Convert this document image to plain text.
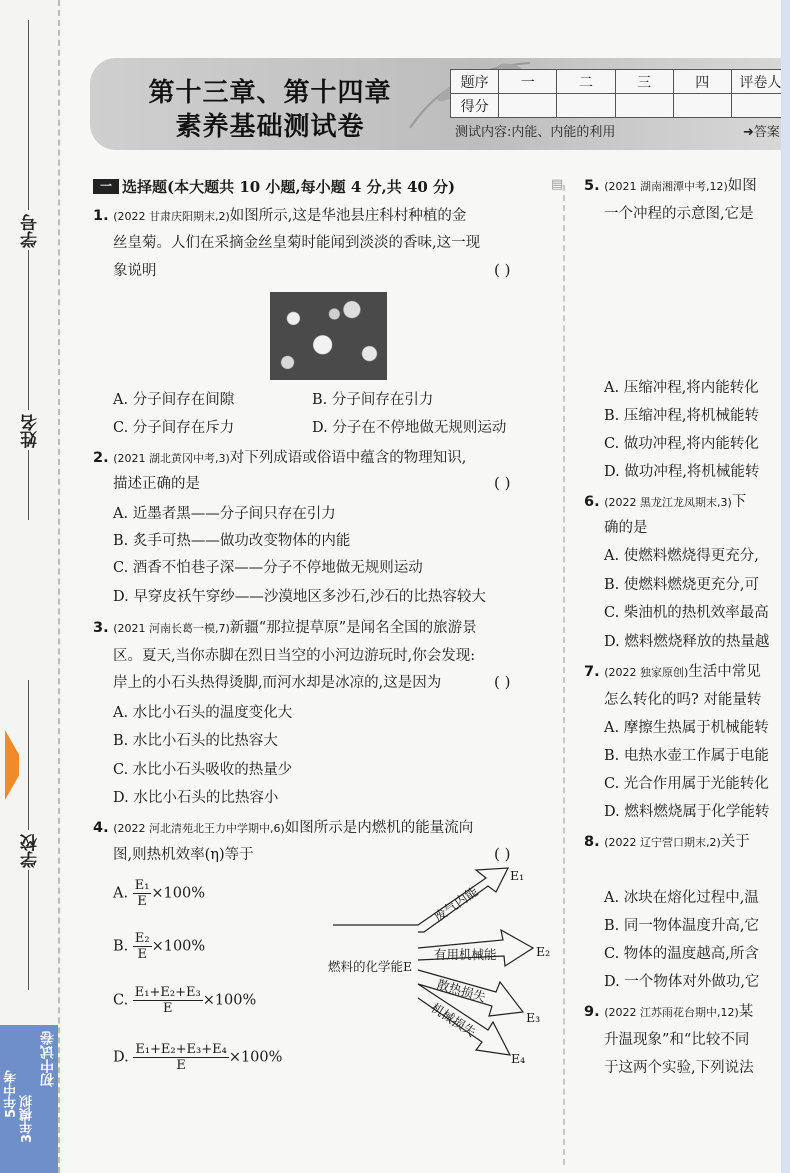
学号
姓名
学校
5年中考
3年模拟
初中试卷
第十三章、第十四章
素养基础测试卷
题序	一	二	三	四	评卷人
得分					
测试内容:内能、内能的利用	➜答案
一 选择题(本大题共 10 小题,每小题 4 分,共 40 分)
1. (2022 甘肃庆阳期末,2)如图所示,这是华池县庄科村种植的金
丝皇菊。人们在采摘金丝皇菊时能闻到淡淡的香味,这一现
象说明	( )
A. 分子间存在间隙	B. 分子间存在引力
C. 分子间存在斥力	D. 分子在不停地做无规则运动
2. (2021 湖北黄冈中考,3)对下列成语或俗语中蕴含的物理知识,
描述正确的是	( )
A. 近墨者黑——分子间只存在引力
B. 炙手可热——做功改变物体的内能
C. 酒香不怕巷子深——分子不停地做无规则运动
D. 早穿皮袄午穿纱——沙漠地区多沙石,沙石的比热容较大
3. (2021 河南长葛一模,7)新疆“那拉提草原”是闻名全国的旅游景
区。夏天,当你赤脚在烈日当空的小河边游玩时,你会发现:
岸上的小石头热得烫脚,而河水却是冰凉的,这是因为	( )
A. 水比小石头的温度变化大
B. 水比小石头的比热容大
C. 水比小石头吸收的热量少
D. 水比小石头的比热容小
4. (2022 河北清苑北王力中学期中,6)如图所示是内燃机的能量流向
图,则热机效率(η)等于	( )
A. $\frac{\text{E₁}}{E} \times 100\%$
B. $\frac{\text{E₂}}{E} \times 100\%$
C. $\frac{\text{E₁+E₂+E₃}}{E} \times 100\%$
D. $\frac{\text{E₁+E₂+E₃+E₄}}{E} \times 100\%$
燃料的化学能E
废气内能
有用机械能
散热损失
机械损失
E₁
E₂
E₃
E₄
▤ 5. (2021 湖南湘潭中考,12)如图
一个冲程的示意图,它是
A. 压缩冲程,将内能转化
B. 压缩冲程,将机械能转
C. 做功冲程,将内能转化
D. 做功冲程,将机械能转
6. (2022 黑龙江龙凤期末,3)下
确的是
A. 使燃料燃烧得更充分,
B. 使燃料燃烧更充分,可
C. 柴油机的热机效率最高
D. 燃料燃烧释放的热量越
7. (2022 独家原创)生活中常见
怎么转化的吗? 对能量转
A. 摩擦生热属于机械能转
B. 电热水壶工作属于电能
C. 光合作用属于光能转化
D. 燃料燃烧属于化学能转
8. (2022 辽宁营口期末,2)关于
A. 冰块在熔化过程中,温
B. 同一物体温度升高,它
C. 物体的温度越高,所含
D. 一个物体对外做功,它
9. (2022 江苏雨花台期中,12)某
升温现象”和“比较不同
于这两个实验,下列说法
